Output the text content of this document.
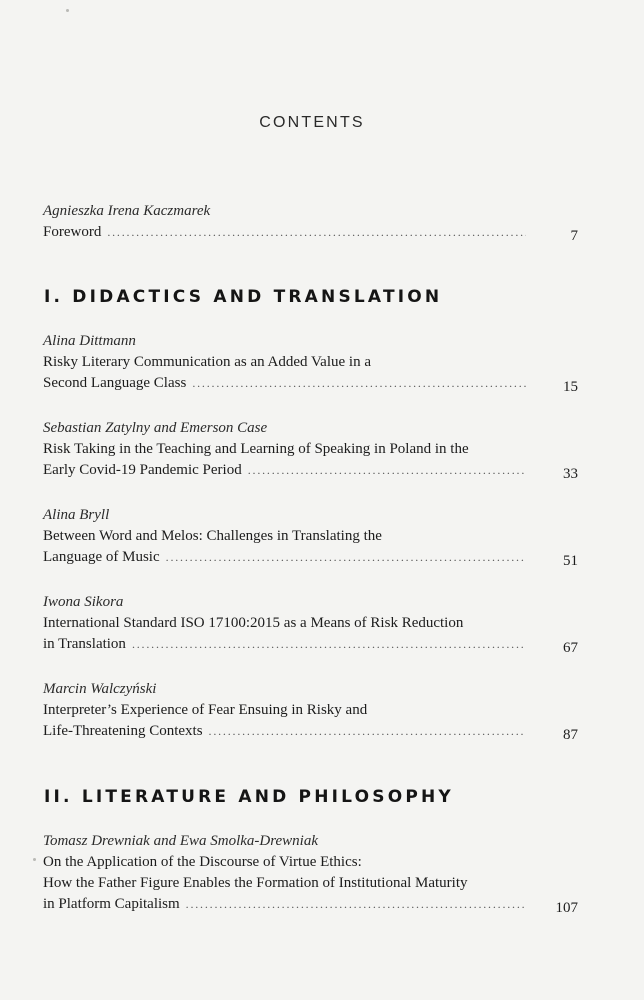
CONTENTS
Agnieszka Irena Kaczmarek
Foreword . . .	7
I. DIDACTICS AND TRANSLATION
Alina Dittmann
Risky Literary Communication as an Added Value in a
Second Language Class . . .	15
Sebastian Zatylny and Emerson Case
Risk Taking in the Teaching and Learning of Speaking in Poland in the
Early Covid-19 Pandemic Period . . .	33
Alina Bryll
Between Word and Melos: Challenges in Translating the
Language of Music . . .	51
Iwona Sikora
International Standard ISO 17100:2015 as a Means of Risk Reduction
in Translation . . .	67
Marcin Walczyński
Interpreter’s Experience of Fear Ensuing in Risky and
Life-Threatening Contexts . . .	87
II. LITERATURE AND PHILOSOPHY
Tomasz Drewniak and Ewa Smolka-Drewniak
On the Application of the Discourse of Virtue Ethics:
How the Father Figure Enables the Formation of Institutional Maturity
in Platform Capitalism . . .	107
